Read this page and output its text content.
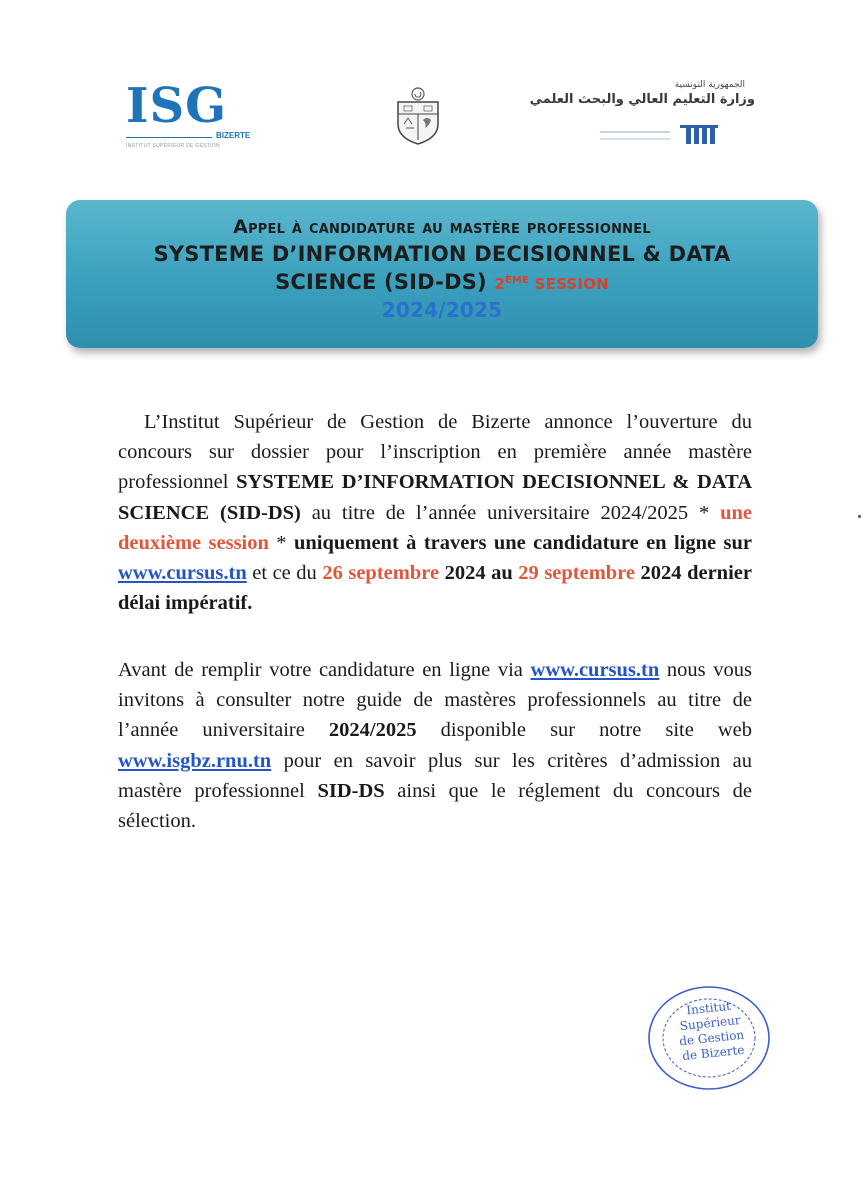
ISG
BIZERTE
INSTITUT SUPÉRIEUR DE GESTION
الجمهورية التونسية
وزارة التعليم العالي والبحث العلمي
Appel à candidature au mastère professionnel
SYSTEME D’INFORMATION DECISIONNEL & DATA
SCIENCE (SID-DS) 2ÈME SESSION
2024/2025

L’Institut Supérieur de Gestion de Bizerte annonce l’ouverture du concours sur dossier pour l’inscription en première année mastère professionnel SYSTEME D’INFORMATION DECISIONNEL & DATA SCIENCE (SID-DS) au titre de l’année universitaire 2024/2025 * une deuxième session * uniquement à travers une candidature en ligne sur www.cursus.tn et ce du 26 septembre 2024 au 29 septembre 2024 dernier délai impératif.

Avant de remplir votre candidature en ligne via www.cursus.tn nous vous invitons à consulter notre guide de mastères professionnels au titre de l’année universitaire 2024/2025 disponible sur notre site web www.isgbz.rnu.tn pour en savoir plus sur les critères d’admission au mastère professionnel SID-DS ainsi que le réglement du concours de sélection.

Institut
Supérieur
de Gestion
de Bizerte
